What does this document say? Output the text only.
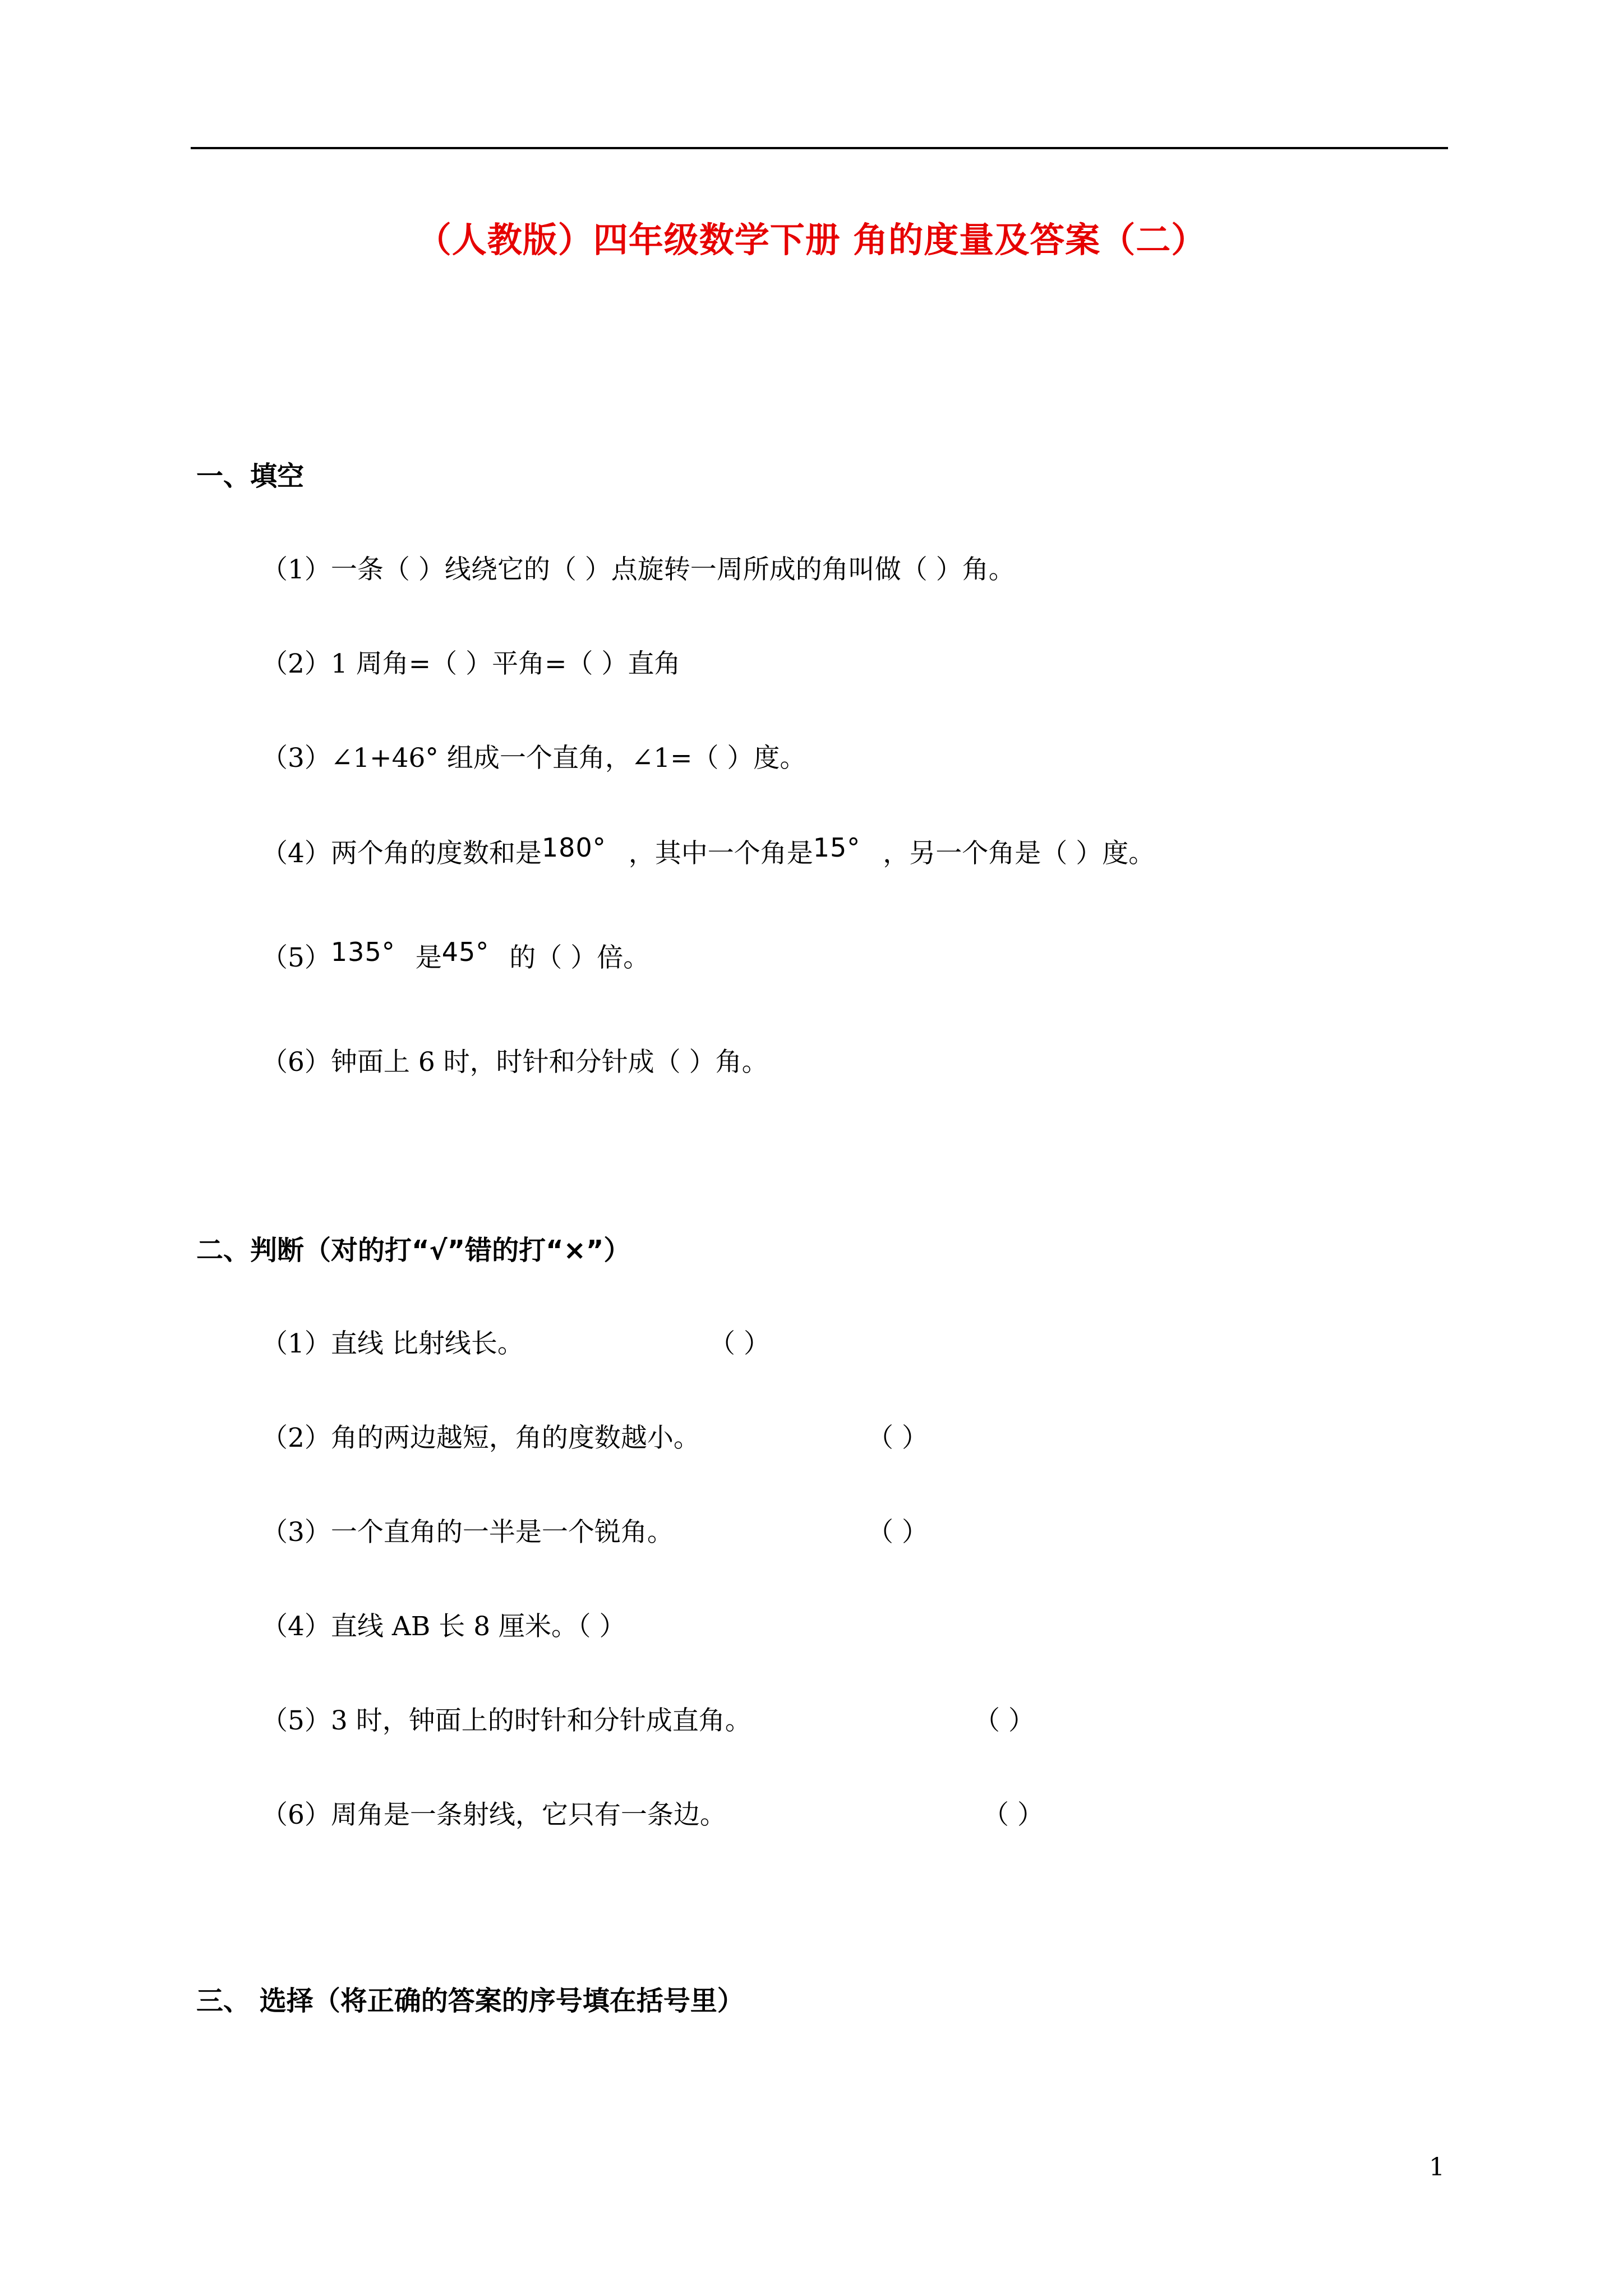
（人教版）四年级数学下册 角的度量及答案（二）
一、填空
（1）一条（ ）线绕它的（ ）点旋转一周所成的角叫做（ ）角。
（2）1 周角=（ ）平角=（ ）直角
（3）∠1+46° 组成一个直角，∠1=（ ）度。
（4）两个角的度数和是180° ，其中一个角是15° ，另一个角是（ ）度。
（5）135° 是45° 的（ ）倍。
（6）钟面上 6 时，时针和分针成（ ）角。
二、判断（对的打“√”错的打“×”）
（1）直线 比射线长。	（ ）
（2）角的两边越短，角的度数越小。	（ ）
（3）一个直角的一半是一个锐角。	（ ）
（4）直线 AB 长 8 厘米。（ ）
（5）3 时，钟面上的时针和分针成直角。	（ ）
（6）周角是一条射线，它只有一条边。	（ ）
三、 选择（将正确的答案的序号填在括号里）
1
